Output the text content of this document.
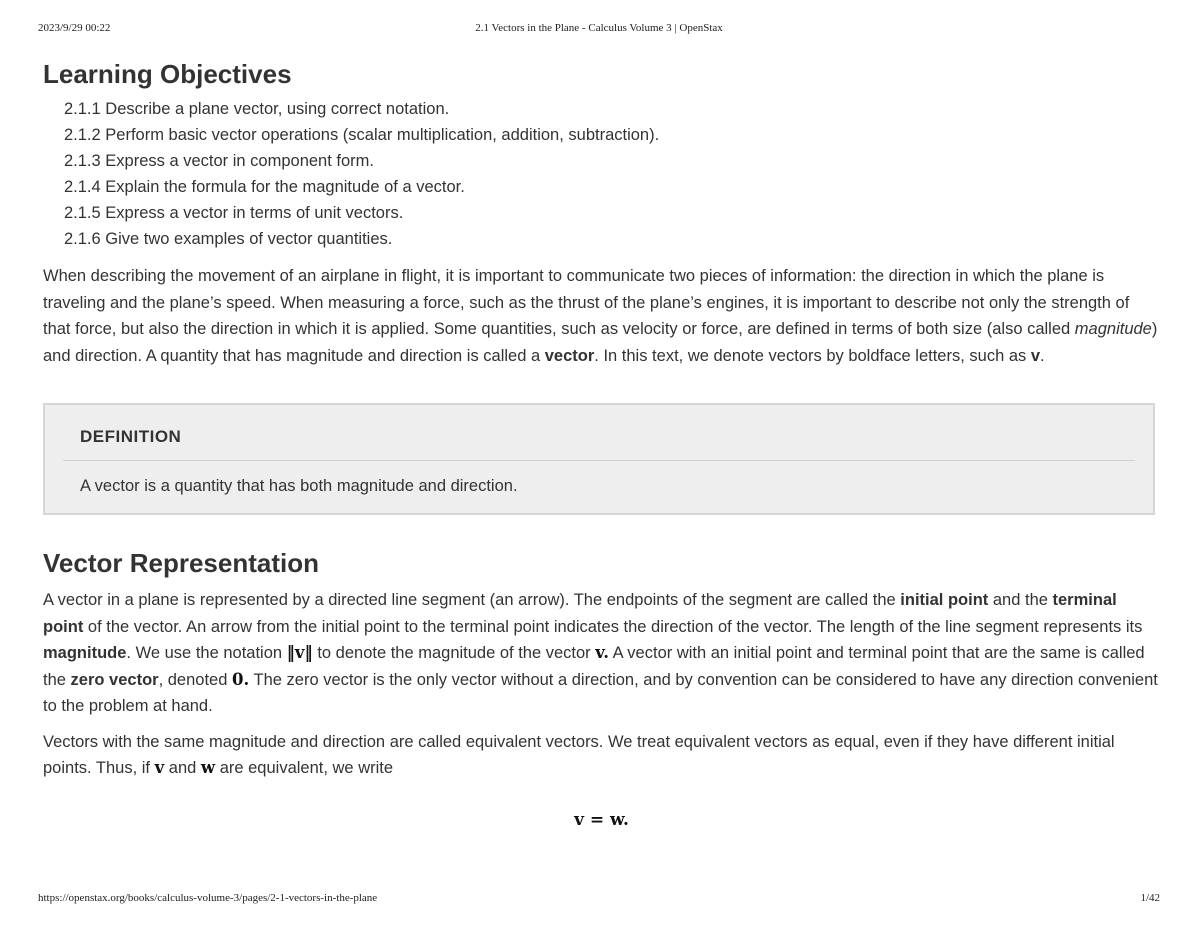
2023/9/29 00:22	2.1 Vectors in the Plane - Calculus Volume 3 | OpenStax
Learning Objectives
2.1.1 Describe a plane vector, using correct notation.
2.1.2 Perform basic vector operations (scalar multiplication, addition, subtraction).
2.1.3 Express a vector in component form.
2.1.4 Explain the formula for the magnitude of a vector.
2.1.5 Express a vector in terms of unit vectors.
2.1.6 Give two examples of vector quantities.

When describing the movement of an airplane in flight, it is important to communicate two pieces of information: the direction in which the plane is traveling and the plane’s speed. When measuring a force, such as the thrust of the plane’s engines, it is important to describe not only the strength of that force, but also the direction in which it is applied. Some quantities, such as velocity or force, are defined in terms of both size (also called magnitude) and direction. A quantity that has magnitude and direction is called a vector. In this text, we denote vectors by boldface letters, such as v.

DEFINITION
A vector is a quantity that has both magnitude and direction.
Vector Representation

A vector in a plane is represented by a directed line segment (an arrow). The endpoints of the segment are called the initial point and the terminal point of the vector. An arrow from the initial point to the terminal point indicates the direction of the vector. The length of the line segment represents its magnitude. We use the notation ‖v‖ to denote the magnitude of the vector v. A vector with an initial point and terminal point that are the same is called the zero vector, denoted 0. The zero vector is the only vector without a direction, and by convention can be considered to have any direction convenient to the problem at hand.

Vectors with the same magnitude and direction are called equivalent vectors. We treat equivalent vectors as equal, even if they have different initial points. Thus, if v and w are equivalent, we write

v = w.
https://openstax.org/books/calculus-volume-3/pages/2-1-vectors-in-the-plane	1/42
